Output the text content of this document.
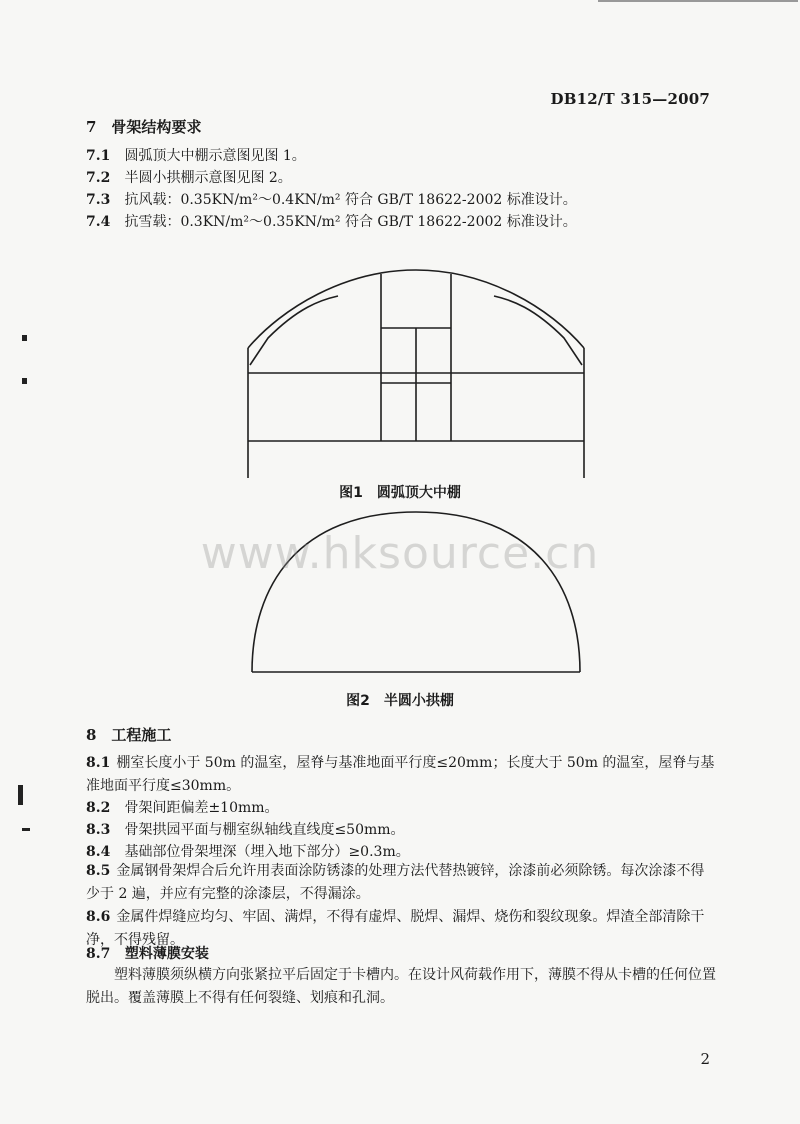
DB12/T 315—2007
7　骨架结构要求
7.1 圆弧顶大中棚示意图见图 1。
7.2 半圆小拱棚示意图见图 2。
7.3 抗风载：0.35KN/m²～0.4KN/m² 符合 GB/T 18622-2002 标准设计。
7.4 抗雪载：0.3KN/m²～0.35KN/m² 符合 GB/T 18622-2002 标准设计。
图1　圆弧顶大中棚
www.hksource.cn
图2　半圆小拱棚
8　工程施工
8.1 棚室长度小于 50m 的温室，屋脊与基准地面平行度≤20mm；长度大于 50m 的温室，屋脊与基准地面平行度≤30mm。
8.2 骨架间距偏差±10mm。
8.3 骨架拱园平面与棚室纵轴线直线度≤50mm。
8.4 基础部位骨架埋深（埋入地下部分）≥0.3m。
8.5 金属钢骨架焊合后允许用表面涂防锈漆的处理方法代替热镀锌，涂漆前必须除锈。每次涂漆不得少于 2 遍，并应有完整的涂漆层，不得漏涂。
8.6 金属件焊缝应均匀、牢固、满焊，不得有虚焊、脱焊、漏焊、烧伤和裂纹现象。焊渣全部清除干净，不得残留。
8.7 塑料薄膜安装
塑料薄膜须纵横方向张紧拉平后固定于卡槽内。在设计风荷载作用下，薄膜不得从卡槽的任何位置脱出。覆盖薄膜上不得有任何裂缝、划痕和孔洞。
2
